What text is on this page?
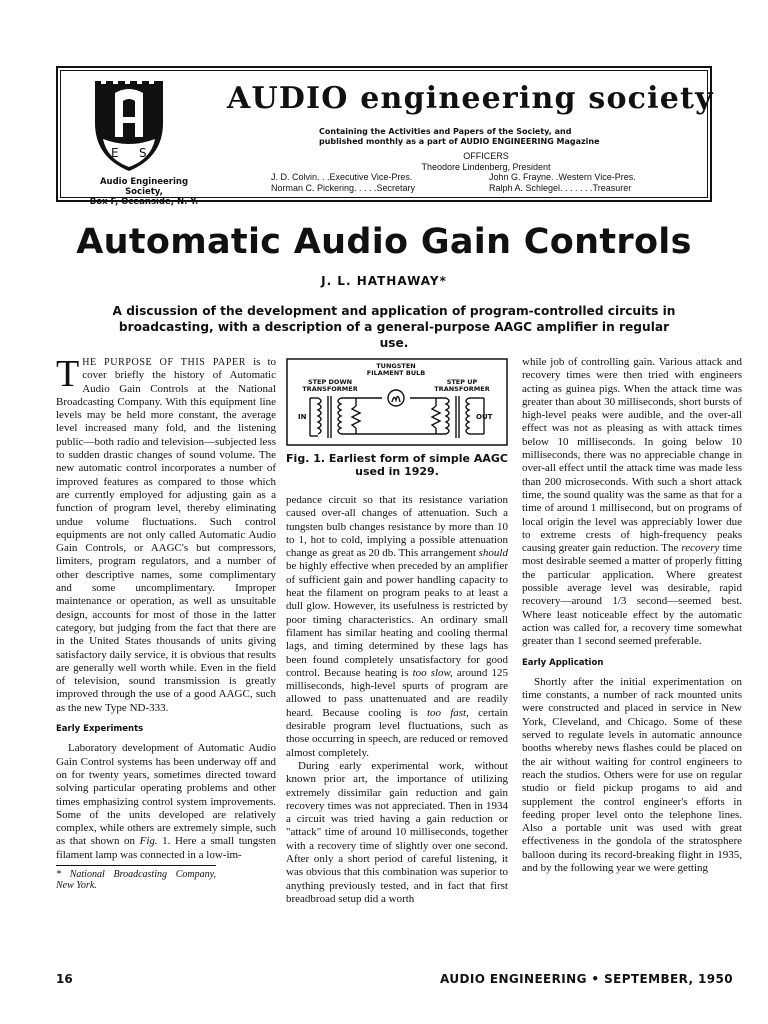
E S
Audio Engineering Society,
Box F, Oceanside, N. Y.
AUDIO engineering society
Containing the Activities and Papers of the Society, and published monthly as a part of AUDIO ENGINEERING Magazine
OFFICERS
Theodore Lindenberg, President
J. D. Colvin. . .Executive Vice-Pres.	John G. Frayne. .Western Vice-Pres.
Norman C. Pickering. . . . .Secretary	Ralph A. Schlegel. . . . . . .Treasurer
Automatic Audio Gain Controls
J. L. HATHAWAY*
A discussion of the development and application of program-controlled circuits in broadcasting, with a description of a general-purpose AAGC amplifier in regular use.

THE PURPOSE OF THIS PAPER is to cover briefly the history of Automatic Audio Gain Controls at the National Broadcasting Company. With this equipment line levels may be held more constant, the average level increased many fold, and the listening public—both radio and television—subjected less to sudden drastic changes of sound volume. The new automatic control incorporates a number of improved features as compared to those which are currently employed for adjusting gain as a function of program level, thereby eliminating undue volume fluctuations. Such control equipments are not only called Automatic Audio Gain Controls, or AAGC's but compressors, limiters, program regulators, and a number of other descriptive names, some complimentary and some uncomplimentary. Improper maintenance or operation, as well as unsuitable design, accounts for most of those in the latter category, but judging from the fact that there are in the United States thousands of units giving satisfactory daily service, it is obvious that results are generally well worth while. Even in the field of television, sound transmission is greatly improved through the use of a good AAGC, such as the new Type ND-333.

Early Experiments

Laboratory development of Automatic Audio Gain Control systems has been underway off and on for twenty years, sometimes directed toward solving particular operating problems and other times emphasizing control system improvements. Some of the units developed are relatively complex, while others are extremely simple, such as that shown on Fig. 1. Here a small tungsten filament lamp was connected in a low-im-

* National Broadcasting Company, New York.
TUNGSTEN
FILAMENT BULB
STEP DOWN
TRANSFORMER
STEP UP
TRANSFORMER
IN	OUT
Fig. 1. Earliest form of simple AAGC used in 1929.

pedance circuit so that its resistance variation caused over-all changes of attenuation. Such a tungsten bulb changes resistance by more than 10 to 1, hot to cold, implying a possible attenuation change as great as 20 db. This arrangement should be highly effective when preceded by an amplifier of sufficient gain and power handling capacity to heat the filament on program peaks to at least a dull glow. However, its usefulness is restricted by poor timing characteristics. An ordinary small filament has similar heating and cooling thermal lags, and timing determined by these lags has been found completely unsatisfactory for good control. Because heating is too slow, around 125 milliseconds, high-level spurts of program are allowed to pass unattenuated and are readily heard. Because cooling is too fast, certain desirable program level fluctuations, such as those occurring in speech, are reduced or removed almost completely.

During early experimental work, without known prior art, the importance of utilizing extremely dissimilar gain reduction and gain recovery times was not appreciated. Then in 1934 a circuit was tried having a gain reduction or "attack" time of around 10 milliseconds, together with a recovery time of slightly over one second. After only a short period of careful listening, it was obvious that this combination was superior to anything previously tested, and in fact that first breadbroad setup did a worth

while job of controlling gain. Various attack and recovery times were then tried with engineers acting as guinea pigs. When the attack time was greater than about 30 milliseconds, short bursts of high-level peaks were audible, and the over-all effect was not as pleasing as with attack times below 10 milliseconds. In going below 10 milliseconds, there was no appreciable change in over-all effect until the attack time was made less than 200 microseconds. With such a short attack time, the sound quality was the same as that for a time of around 1 millisecond, but on programs of local origin the level was appreciably lower due to extreme crests of high-frequency peaks causing greater gain reduction. The recovery time most desirable seemed a matter of properly fitting the particular application. Where greatest possible average level was desirable, rapid recovery—around 1/3 second—seemed best. Where least noticeable effect by the automatic action was called for, a recovery time somewhat greater than 1 second seemed preferable.

Early Application

Shortly after the initial experimentation on time constants, a number of rack mounted units were constructed and placed in service in New York, Cleveland, and Chicago. Some of these served to regulate levels in automatic announce booths whereby news flashes could be placed on the air without waiting for control engineers to reach the studios. Others were for use on regular studio or field pickup progams to aid and supplement the control engineer's efforts in feeding proper level onto the telephone lines. Also a portable unit was used with great effectiveness in the gondola of the stratosphere balloon during its record-breaking flight in 1935, and by the following year we were getting

16	AUDIO ENGINEERING • SEPTEMBER, 1950
